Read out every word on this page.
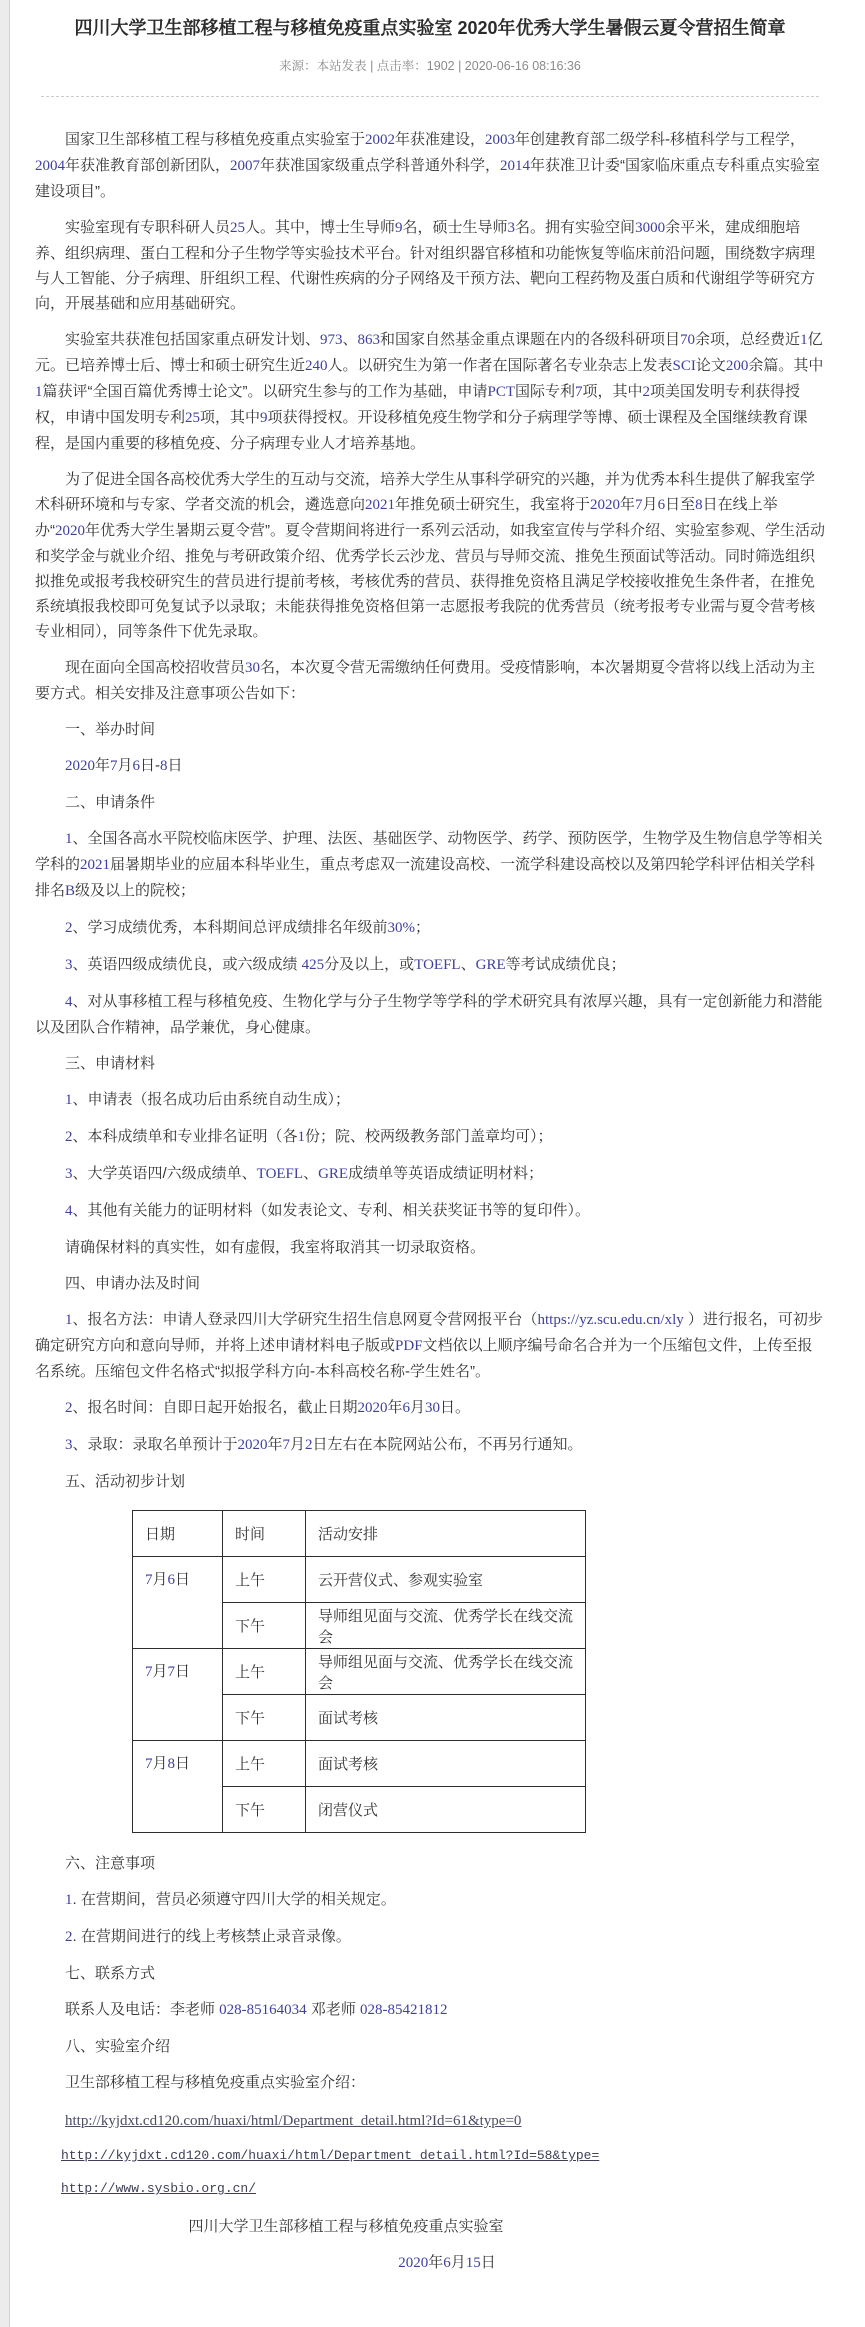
四川大学卫生部移植工程与移植免疫重点实验室 2020年优秀大学生暑假云夏令营招生简章
来源：本站发表 | 点击率：1902 | 2020-06-16 08:16:36

国家卫生部移植工程与移植免疫重点实验室于2002年获准建设，2003年创建教育部二级学科-移植科学与工程学，2004年获准教育部创新团队，2007年获准国家级重点学科普通外科学，2014年获准卫计委“国家临床重点专科重点实验室建设项目”。

实验室现有专职科研人员25人。其中，博士生导师9名，硕士生导师3名。拥有实验空间3000余平米，建成细胞培养、组织病理、蛋白工程和分子生物学等实验技术平台。针对组织器官移植和功能恢复等临床前沿问题，围绕数字病理与人工智能、分子病理、肝组织工程、代谢性疾病的分子网络及干预方法、靶向工程药物及蛋白质和代谢组学等研究方向，开展基础和应用基础研究。

实验室共获准包括国家重点研发计划、973、863和国家自然基金重点课题在内的各级科研项目70余项，总经费近1亿元。已培养博士后、博士和硕士研究生近240人。以研究生为第一作者在国际著名专业杂志上发表SCI论文200余篇。其中1篇获评“全国百篇优秀博士论文”。以研究生参与的工作为基础，申请PCT国际专利7项，其中2项美国发明专利获得授权，申请中国发明专利25项，其中9项获得授权。开设移植免疫生物学和分子病理学等博、硕士课程及全国继续教育课程，是国内重要的移植免疫、分子病理专业人才培养基地。

为了促进全国各高校优秀大学生的互动与交流，培养大学生从事科学研究的兴趣，并为优秀本科生提供了解我室学术科研环境和与专家、学者交流的机会，遴选意向2021年推免硕士研究生，我室将于2020年7月6日至8日在线上举办“2020年优秀大学生暑期云夏令营”。夏令营期间将进行一系列云活动，如我室宣传与学科介绍、实验室参观、学生活动和奖学金与就业介绍、推免与考研政策介绍、优秀学长云沙龙、营员与导师交流、推免生预面试等活动。同时筛选组织拟推免或报考我校研究生的营员进行提前考核，考核优秀的营员、获得推免资格且满足学校接收推免生条件者，在推免系统填报我校即可免复试予以录取；未能获得推免资格但第一志愿报考我院的优秀营员（统考报考专业需与夏令营考核专业相同），同等条件下优先录取。

现在面向全国高校招收营员30名，本次夏令营无需缴纳任何费用。受疫情影响，本次暑期夏令营将以线上活动为主要方式。相关安排及注意事项公告如下：

一、举办时间

2020年7月6日-8日

二、申请条件

1、全国各高水平院校临床医学、护理、法医、基础医学、动物医学、药学、预防医学，生物学及生物信息学等相关学科的2021届暑期毕业的应届本科毕业生，重点考虑双一流建设高校、一流学科建设高校以及第四轮学科评估相关学科排名B级及以上的院校；

2、学习成绩优秀，本科期间总评成绩排名年级前30%；

3、英语四级成绩优良，或六级成绩 425分及以上，或TOEFL、GRE等考试成绩优良；

4、对从事移植工程与移植免疫、生物化学与分子生物学等学科的学术研究具有浓厚兴趣，具有一定创新能力和潜能以及团队合作精神，品学兼优，身心健康。

三、申请材料

1、申请表（报名成功后由系统自动生成）；

2、本科成绩单和专业排名证明（各1份；院、校两级教务部门盖章均可）；

3、大学英语四/六级成绩单、TOEFL、GRE成绩单等英语成绩证明材料；

4、其他有关能力的证明材料（如发表论文、专利、相关获奖证书等的复印件）。

请确保材料的真实性，如有虚假，我室将取消其一切录取资格。

四、申请办法及时间

1、报名方法：申请人登录四川大学研究生招生信息网夏令营网报平台（https://yz.scu.edu.cn/xly ）进行报名，可初步确定研究方向和意向导师，并将上述申请材料电子版或PDF文档依以上顺序编号命名合并为一个压缩包文件，上传至报名系统。压缩包文件名格式“拟报学科方向-本科高校名称-学生姓名”。

2、报名时间：自即日起开始报名，截止日期2020年6月30日。

3、录取：录取名单预计于2020年7月2日左右在本院网站公布，不再另行通知。

五、活动初步计划

日期	时间	活动安排
7月6日	上午	云开营仪式、参观实验室
	下午	导师组见面与交流、优秀学长在线交流会
7月7日	上午	导师组见面与交流、优秀学长在线交流会
	下午	面试考核
7月8日	上午	面试考核
	下午	闭营仪式

六、注意事项

1. 在营期间，营员必须遵守四川大学的相关规定。

2. 在营期间进行的线上考核禁止录音录像。

七、联系方式

联系人及电话：李老师 028-85164034 邓老师 028-85421812

八、实验室介绍

卫生部移植工程与移植免疫重点实验室介绍：

http://kyjdxt.cd120.com/huaxi/html/Department_detail.html?Id=61&type=0
http://kyjdxt.cd120.com/huaxi/html/Department_detail.html?Id=58&type=
http://www.sysbio.org.cn/

四川大学卫生部移植工程与移植免疫重点实验室

2020年6月15日
